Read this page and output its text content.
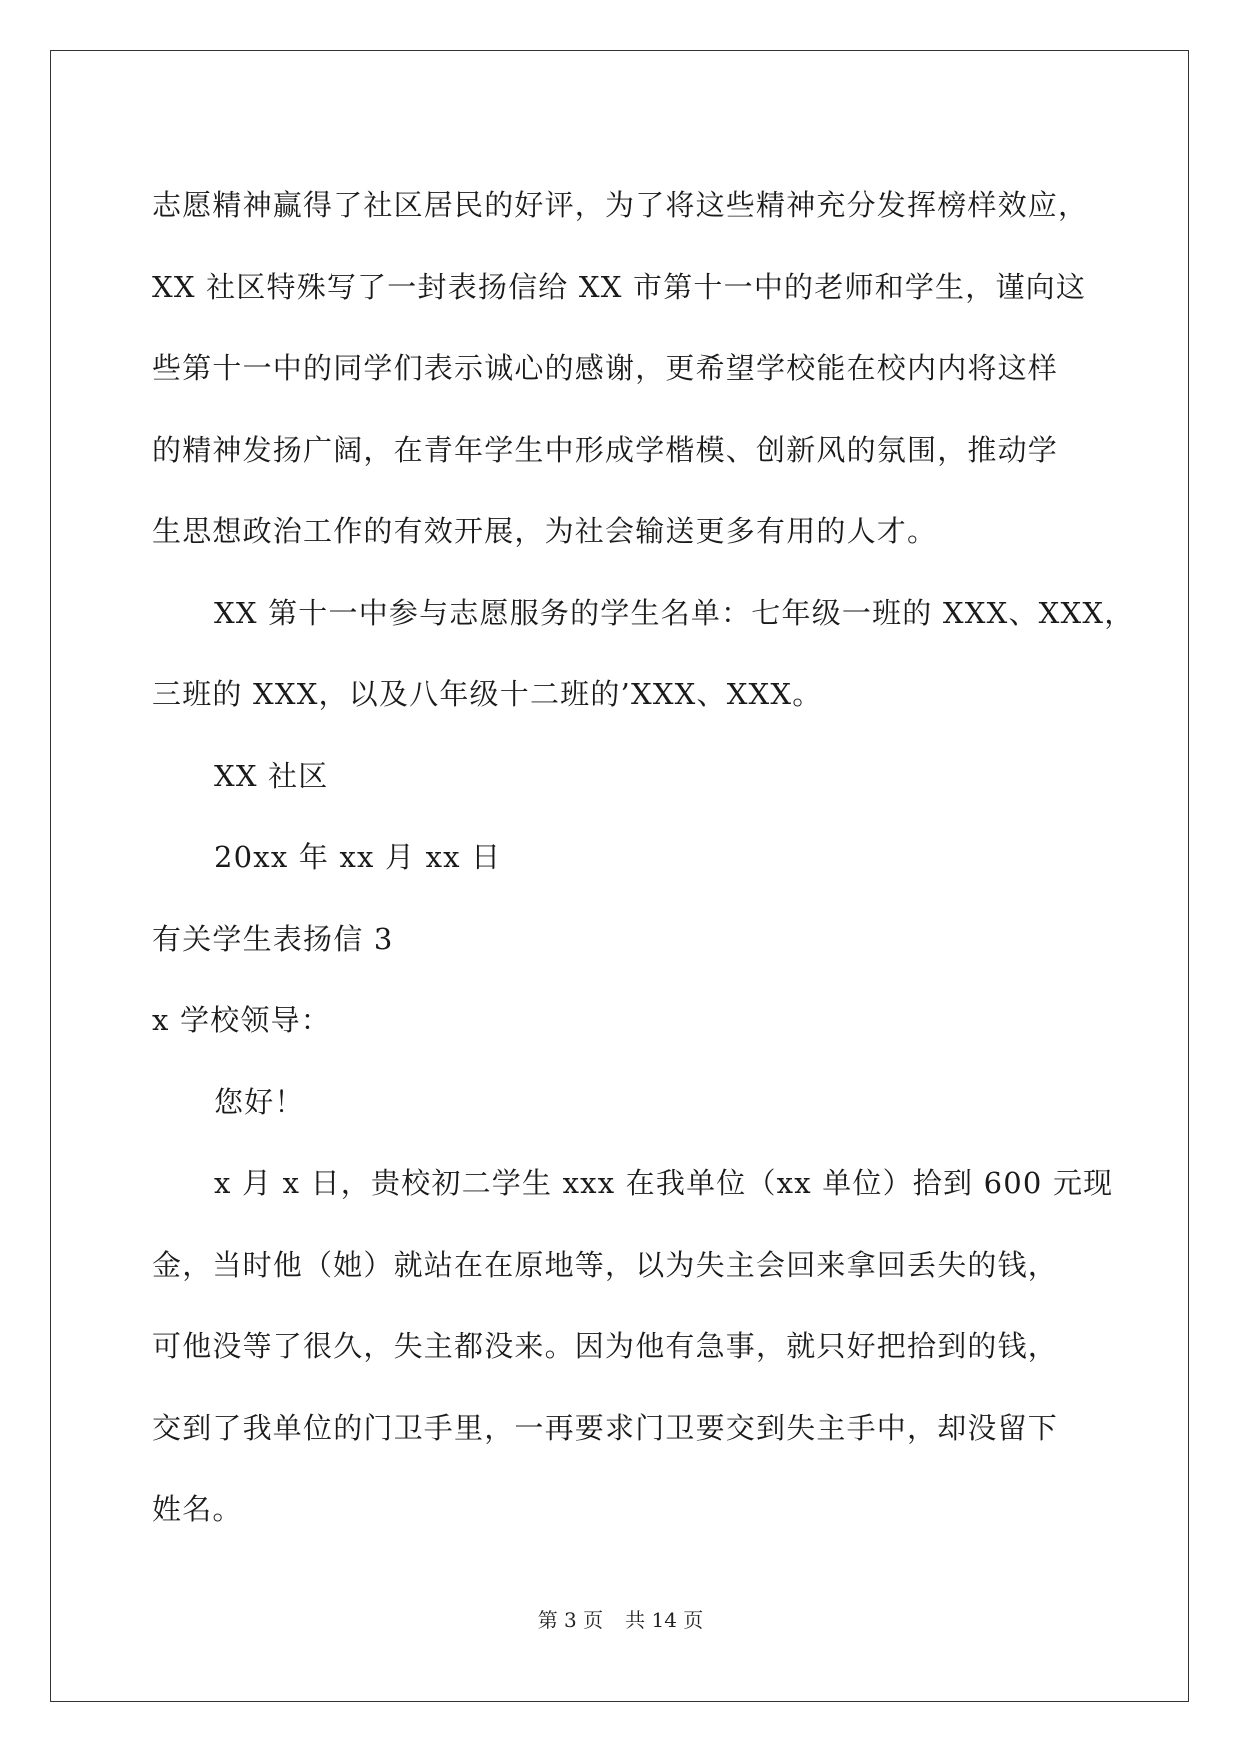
志愿精神赢得了社区居民的好评，为了将这些精神充分发挥榜样效应，
XX 社区特殊写了一封表扬信给 XX 市第十一中的老师和学生，谨向这
些第十一中的同学们表示诚心的感谢，更希望学校能在校内内将这样
的精神发扬广阔，在青年学生中形成学楷模、创新风的氛围，推动学
生思想政治工作的有效开展，为社会输送更多有用的人才。
XX 第十一中参与志愿服务的学生名单：七年级一班的 XXX、XXX，
三班的 XXX，以及八年级十二班的’XXX、XXX。
XX 社区
20xx 年 xx 月 xx 日
有关学生表扬信 3
x 学校领导：
您好！
x 月 x 日，贵校初二学生 xxx 在我单位（xx 单位）拾到 600 元现
金，当时他（她）就站在在原地等，以为失主会回来拿回丢失的钱，
可他没等了很久，失主都没来。因为他有急事，就只好把拾到的钱，
交到了我单位的门卫手里，一再要求门卫要交到失主手中，却没留下
姓名。
第 3 页 共 14 页
